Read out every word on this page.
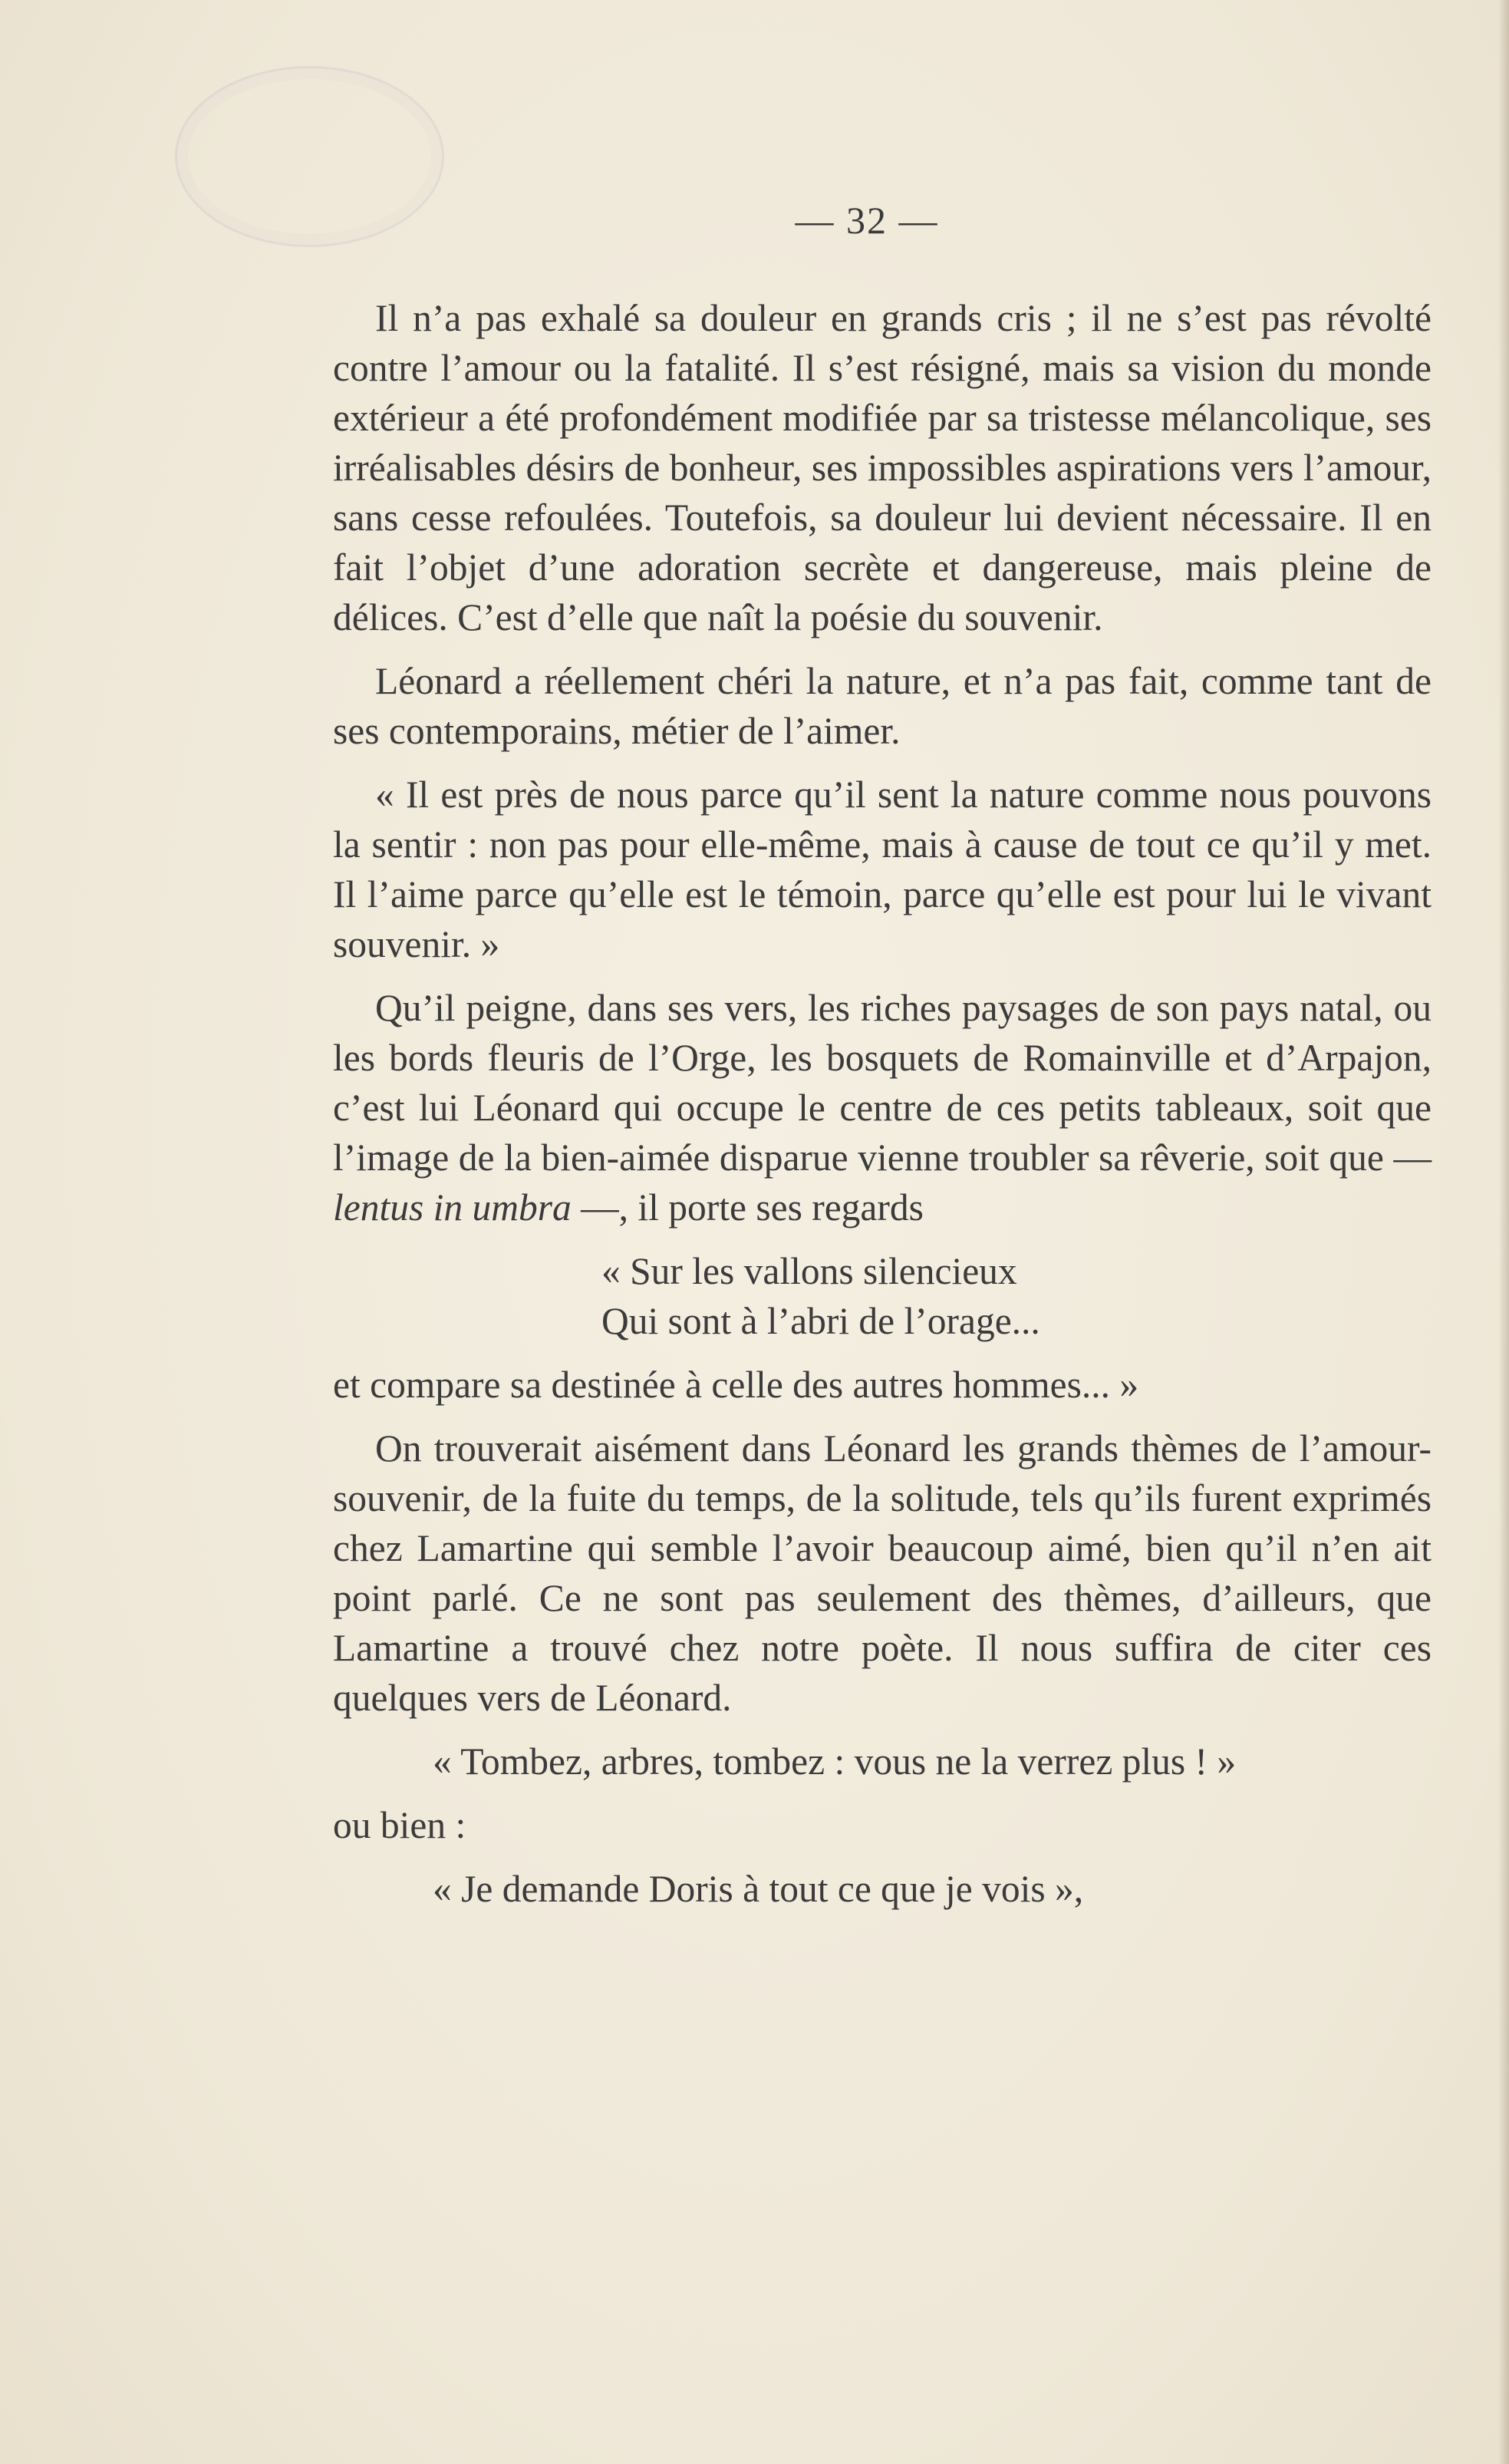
— 32 —

Il n’a pas exhalé sa douleur en grands cris ; il ne s’est pas révolté contre l’amour ou la fatalité. Il s’est résigné, mais sa vision du monde extérieur a été profondément modifiée par sa tristesse mélancolique, ses irréalisables désirs de bonheur, ses impossibles aspirations vers l’amour, sans cesse refoulées. Toutefois, sa douleur lui devient nécessaire. Il en fait l’objet d’une adoration secrète et dangereuse, mais pleine de délices. C’est d’elle que naît la poésie du souvenir.

Léonard a réellement chéri la nature, et n’a pas fait, comme tant de ses contemporains, métier de l’aimer.

« Il est près de nous parce qu’il sent la nature comme nous pouvons la sentir : non pas pour elle-même, mais à cause de tout ce qu’il y met. Il l’aime parce qu’elle est le témoin, parce qu’elle est pour lui le vivant souvenir. »

Qu’il peigne, dans ses vers, les riches paysages de son pays natal, ou les bords fleuris de l’Orge, les bosquets de Romainville et d’Arpajon, c’est lui Léonard qui occupe le centre de ces petits tableaux, soit que l’image de la bien-aimée disparue vienne troubler sa rêverie, soit que — lentus in umbra —, il porte ses regards

« Sur les vallons silencieux
Qui sont à l’abri de l’orage...

et compare sa destinée à celle des autres hommes... »

On trouverait aisément dans Léonard les grands thèmes de l’amour-souvenir, de la fuite du temps, de la solitude, tels qu’ils furent exprimés chez Lamartine qui semble l’avoir beaucoup aimé, bien qu’il n’en ait point parlé. Ce ne sont pas seulement des thèmes, d’ailleurs, que Lamartine a trouvé chez notre poète. Il nous suffira de citer ces quelques vers de Léonard.

« Tombez, arbres, tombez : vous ne la verrez plus ! »

ou bien :

« Je demande Doris à tout ce que je vois »,
